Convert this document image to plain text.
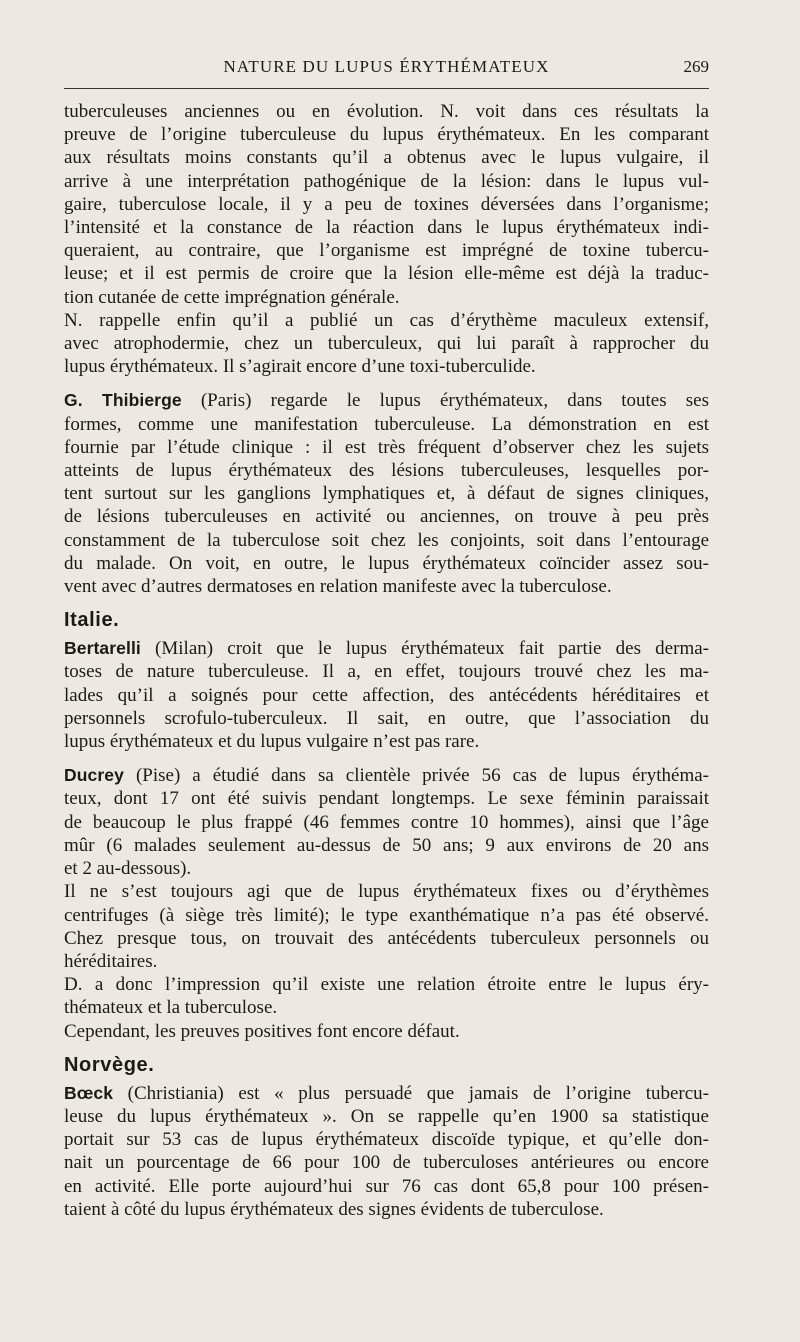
NATURE DU LUPUS ÉRYTHÉMATEUX	269
tuberculeuses anciennes ou en évolution. N. voit dans ces résultats la
preuve de l’origine tuberculeuse du lupus érythémateux. En les comparant
aux résultats moins constants qu’il a obtenus avec le lupus vulgaire, il
arrive à une interprétation pathogénique de la lésion: dans le lupus vul-
gaire, tuberculose locale, il y a peu de toxines déversées dans l’organisme;
l’intensité et la constance de la réaction dans le lupus érythémateux indi-
queraient, au contraire, que l’organisme est imprégné de toxine tubercu-
leuse; et il est permis de croire que la lésion elle-même est déjà la traduc-
tion cutanée de cette imprégnation générale.
N. rappelle enfin qu’il a publié un cas d’érythème maculeux extensif,
avec atrophodermie, chez un tuberculeux, qui lui paraît à rapprocher du
lupus érythémateux. Il s’agirait encore d’une toxi-tuberculide.
G. Thibierge (Paris) regarde le lupus érythémateux, dans toutes ses
formes, comme une manifestation tuberculeuse. La démonstration en est
fournie par l’étude clinique : il est très fréquent d’observer chez les sujets
atteints de lupus érythémateux des lésions tuberculeuses, lesquelles por-
tent surtout sur les ganglions lymphatiques et, à défaut de signes cliniques,
de lésions tuberculeuses en activité ou anciennes, on trouve à peu près
constamment de la tuberculose soit chez les conjoints, soit dans l’entourage
du malade. On voit, en outre, le lupus érythémateux coïncider assez sou-
vent avec d’autres dermatoses en relation manifeste avec la tuberculose.
Italie.
Bertarelli (Milan) croit que le lupus érythémateux fait partie des derma-
toses de nature tuberculeuse. Il a, en effet, toujours trouvé chez les ma-
lades qu’il a soignés pour cette affection, des antécédents héréditaires et
personnels scrofulo-tuberculeux. Il sait, en outre, que l’association du
lupus érythémateux et du lupus vulgaire n’est pas rare.
Ducrey (Pise) a étudié dans sa clientèle privée 56 cas de lupus érythéma-
teux, dont 17 ont été suivis pendant longtemps. Le sexe féminin paraissait
de beaucoup le plus frappé (46 femmes contre 10 hommes), ainsi que l’âge
mûr (6 malades seulement au-dessus de 50 ans; 9 aux environs de 20 ans
et 2 au-dessous).
Il ne s’est toujours agi que de lupus érythémateux fixes ou d’érythèmes
centrifuges (à siège très limité); le type exanthématique n’a pas été observé.
Chez presque tous, on trouvait des antécédents tuberculeux personnels ou
héréditaires.
D. a donc l’impression qu’il existe une relation étroite entre le lupus éry-
thémateux et la tuberculose.
Cependant, les preuves positives font encore défaut.
Norvège.
Bœck (Christiania) est « plus persuadé que jamais de l’origine tubercu-
leuse du lupus érythémateux ». On se rappelle qu’en 1900 sa statistique
portait sur 53 cas de lupus érythémateux discoïde typique, et qu’elle don-
nait un pourcentage de 66 pour 100 de tuberculoses antérieures ou encore
en activité. Elle porte aujourd’hui sur 76 cas dont 65,8 pour 100 présen-
taient à côté du lupus érythémateux des signes évidents de tuberculose.
